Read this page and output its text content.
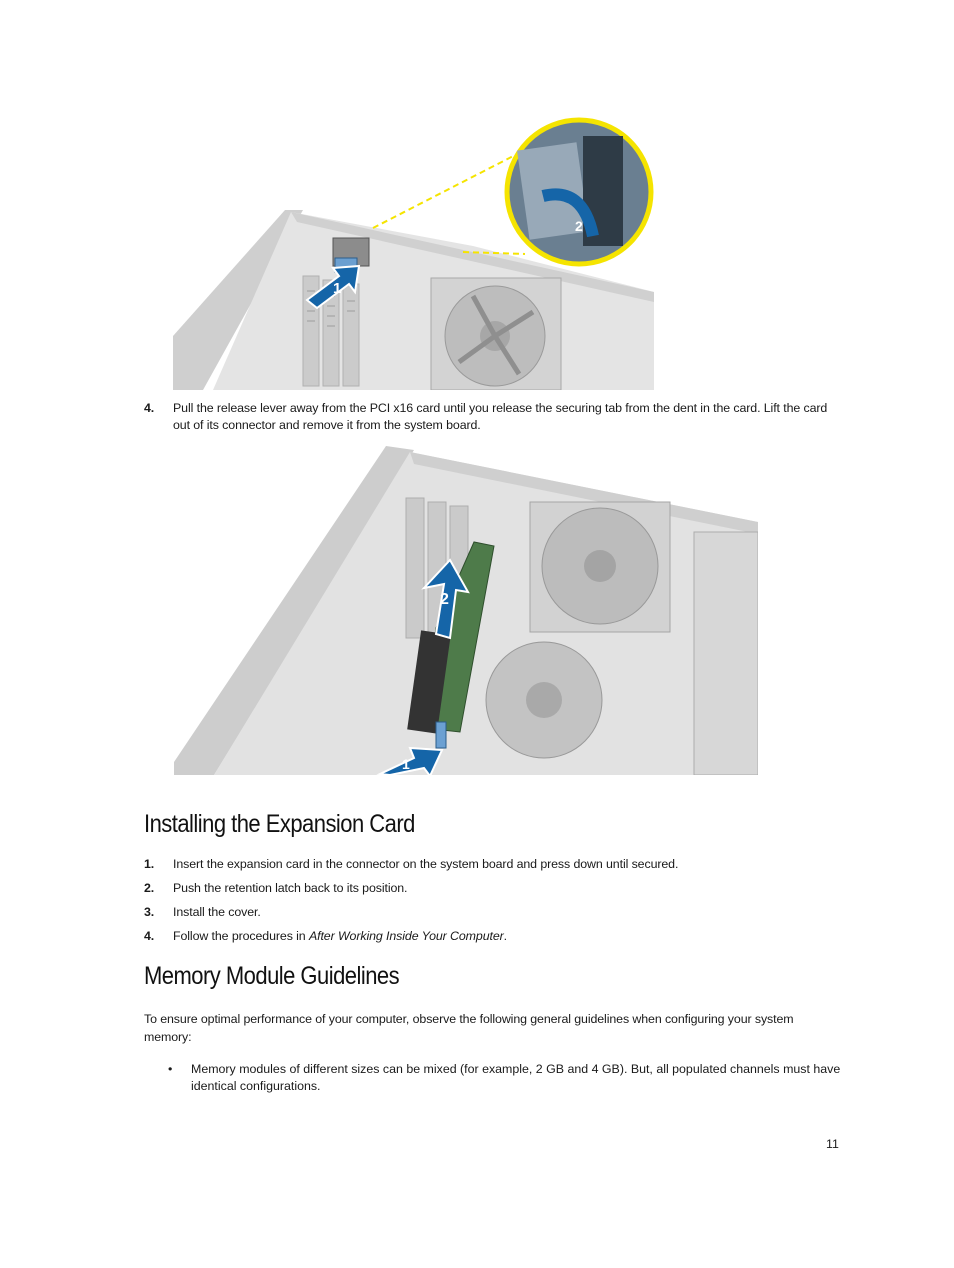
1
2
4. Pull the release lever away from the PCI x16 card until you release the securing tab from the dent in the card. Lift the card out of its connector and remove it from the system board.
2
1
Installing the Expansion Card
1. Insert the expansion card in the connector on the system board and press down until secured.
2. Push the retention latch back to its position.
3. Install the cover.
4. Follow the procedures in After Working Inside Your Computer.
Memory Module Guidelines
To ensure optimal performance of your computer, observe the following general guidelines when configuring your system memory:
• Memory modules of different sizes can be mixed (for example, 2 GB and 4 GB). But, all populated channels must have identical configurations.
11
